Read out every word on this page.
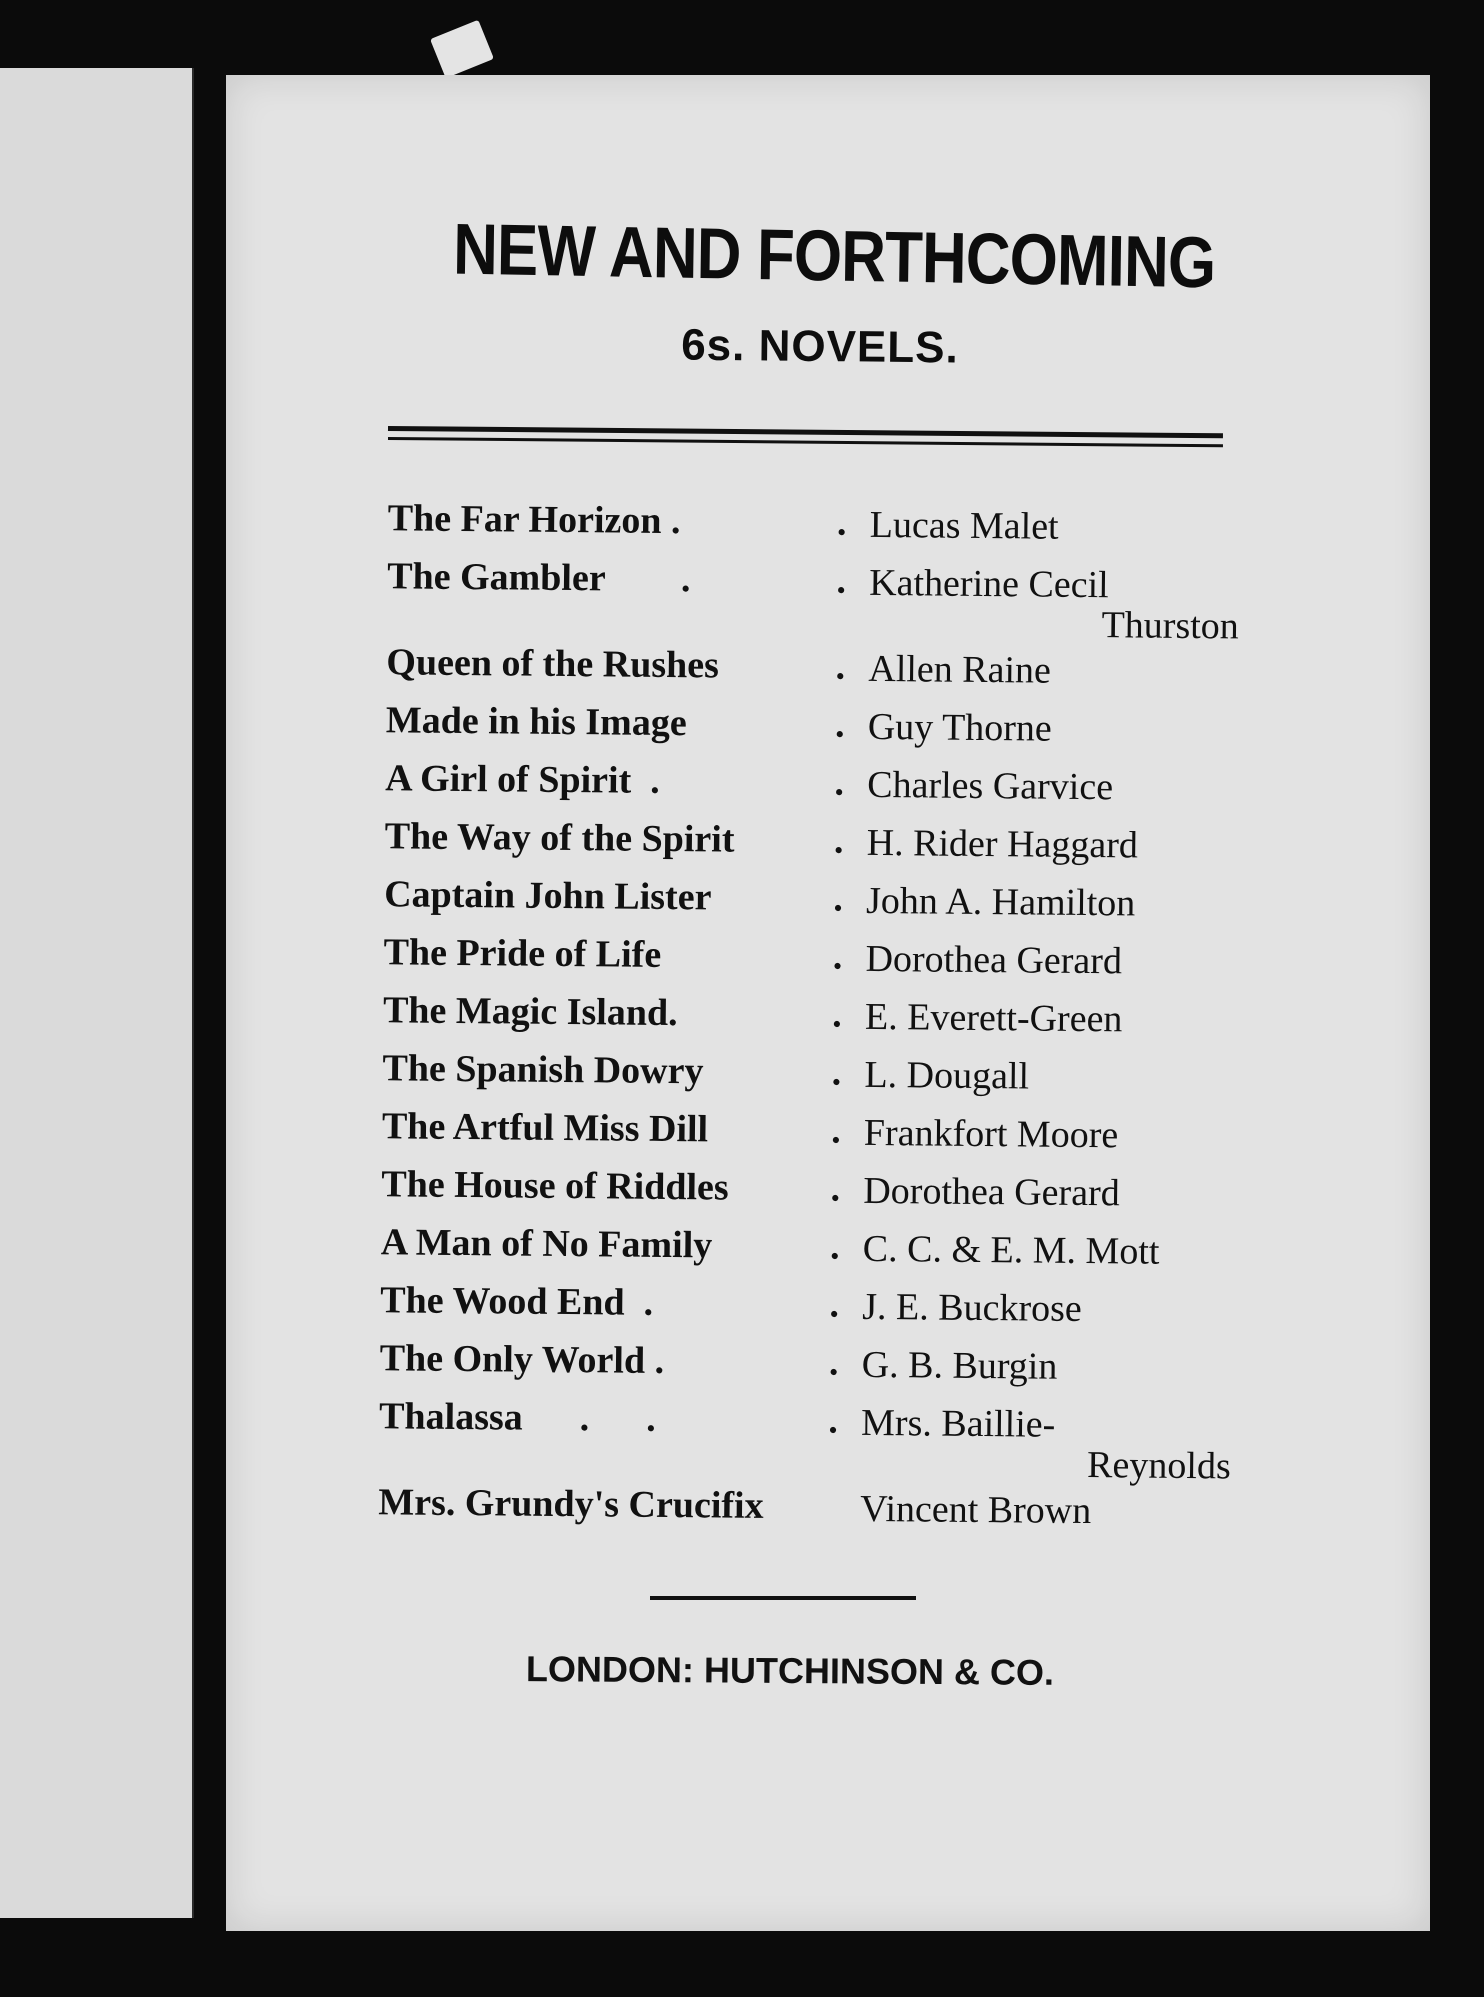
NEW AND FORTHCOMING
6s. NOVELS.
The Far Horizon .	. Lucas Malet
The Gambler        .	. Katherine Cecil
Thurston
Queen of the Rushes	. Allen Raine
Made in his Image	. Guy Thorne
A Girl of Spirit  .	. Charles Garvice
The Way of the Spirit	. H. Rider Haggard
Captain John Lister	. John A. Hamilton
The Pride of Life	. Dorothea Gerard
The Magic Island.	. E. Everett-Green
The Spanish Dowry	. L. Dougall
The Artful Miss Dill	. Frankfort Moore
The House of Riddles	. Dorothea Gerard
A Man of No Family	. C. C. & E. M. Mott
The Wood End  .	. J. E. Buckrose
The Only World .	. G. B. Burgin
Thalassa      .      .	. Mrs. Baillie-
Reynolds
Mrs. Grundy's Crucifix	Vincent Brown
LONDON: HUTCHINSON & CO.
